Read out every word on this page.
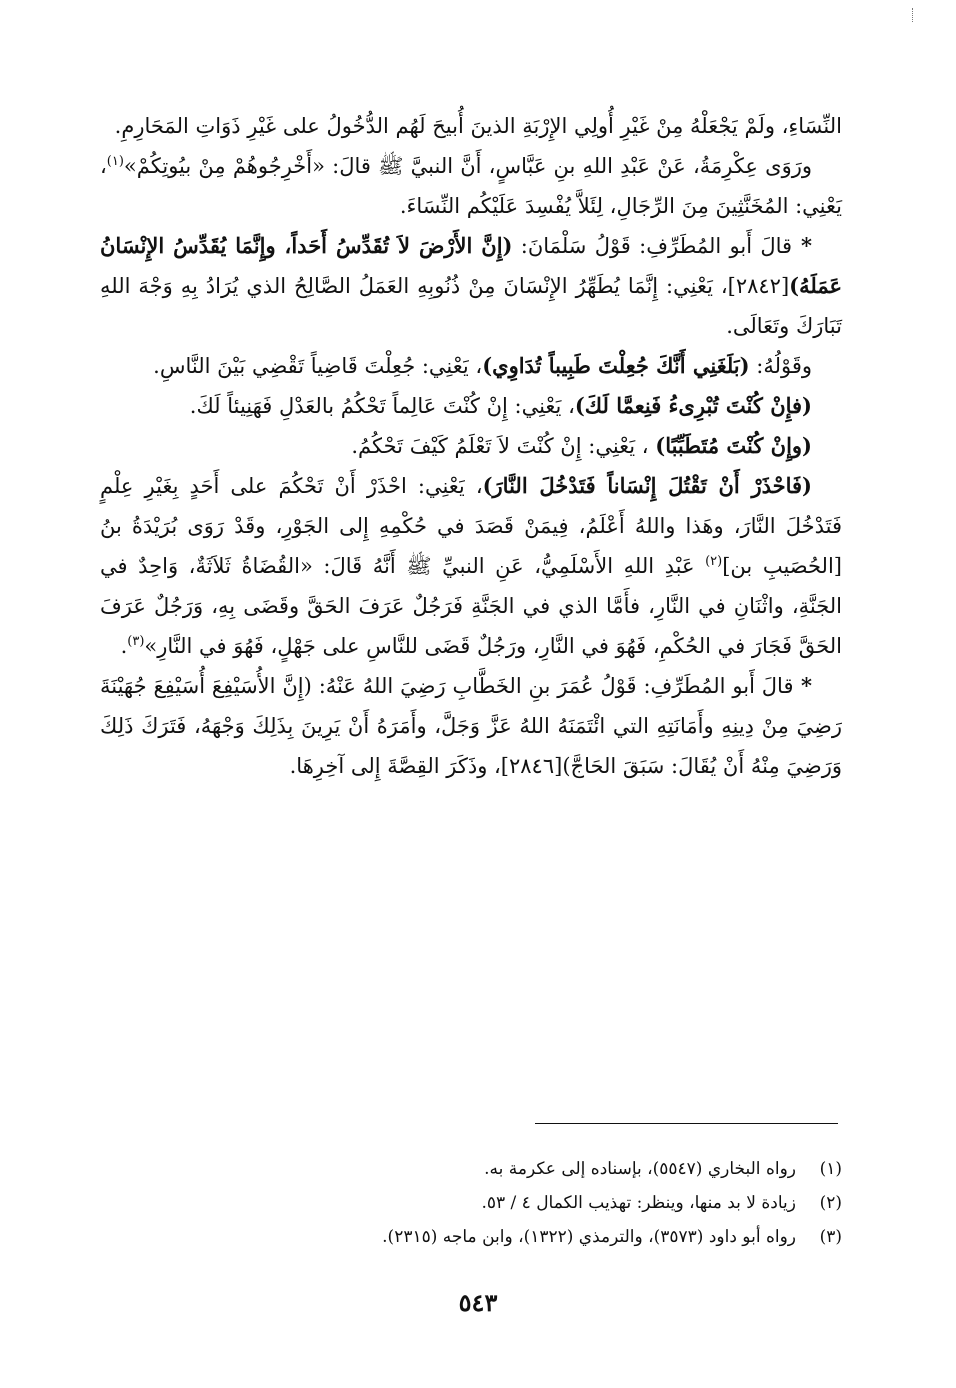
النِّسَاءِ، ولَمْ يَجْعَلْهُ مِنْ غَيْرِ أُولِي الإِرْبَةِ الذينَ أُبيحَ لَهُم الدُّخُولُ على غَيْرِ ذَوَاتِ المَحَارِمِ.

ورَوَى عِكْرِمَةُ، عَنْ عَبْدِ اللهِ بنِ عَبَّاسٍ، أَنَّ النبيَّ ﷺ قالَ: «أَخْرِجُوهُمْ مِنْ بيُوتِكُمْ»$^{(١)}$، يَعْنِي: المُخَنَّثِينَ مِنَ الرِّجَالِ، لِئَلاَّ يُفْسِدَ عَلَيْكُم النِّسَاءَ.

* قالَ أَبو المُطَرِّفِ: قَوْلُ سَلْمَانَ: (إِنَّ الأَرْضَ لاَ تُقَدِّسُ أَحَداً، وإِنَّمَا يُقَدِّسُ الإِنْسَانُ عَمَلَهُ)[٢٨٤٢]، يَعْنِي: إِنَّمَا يُطَهِّرُ الإِنْسَانَ مِنْ ذُنُوبِهِ العَمَلُ الصَّالِحُ الذي يُرَادُ بِهِ وَجْهَ اللهِ تَبَارَكَ وتَعَالَى.

وقَوْلُهُ: (بَلَغَنِي أَنَّكَ جُعِلْتَ طَبِيباً تُدَاوِي)، يَعْنِي: جُعِلْتَ قَاضِياً تَقْضِي بَيْنَ النَّاسِ.

(فإِنْ كُنْتَ تُبْرِىءُ فَنِعمَّا لَكَ)، يَعْنِي: إِنْ كُنْتَ عَالِماً تَحْكُمُ بالعَدْلِ فَهَنِيئاً لَكَ.

(وإِنْ كُنْتَ مُتَطَبِّبًا) ، يَعْنِي: إِنْ كُنْتَ لاَ تَعْلَمُ كَيْفَ تَحْكُمُ.

(فَاحْذَرْ أَنْ تَقْتُلَ إِنْسَاناً فَتَدْخُلَ النَّارَ)، يَعْنِي: احْذَرْ أَنْ تَحْكُمَ على أَحَدٍ بِغَيْرِ عِلْمٍ فَتَدْخُلَ النَّارَ، وهَذا واللهُ أَعْلَمُ، فِيمَنْ قَصَدَ في حُكْمِهِ إِلى الجَوْرِ، وقَدْ رَوَى بُرَيْدَةُ بنُ [الحُصَيبِ بن]$^{(٢)}$ عَبْدِ اللهِ الأَسْلَمِيُّ، عَنِ النبيِّ ﷺ أَنَّهُ قَالَ: «القُضَاةُ ثَلاَثَةٌ، وَاحِدٌ في الجَنَّةِ، واثْنَانِ في النَّارِ، فأَمَّا الذي في الجَنَّةِ فَرَجُلٌ عَرَفَ الحَقَّ وقَضَى بِهِ، وَرَجُلٌ عَرَفَ الحَقَّ فَجَارَ في الحُكْمِ، فَهُوَ في النَّارِ، ورَجُلٌ قَضَى للنَّاسِ على جَهْلٍ، فَهُوَ في النَّارِ»$^{(٣)}$.

* قالَ أَبو المُطَرِّفِ: قَوْلُ عُمَرَ بنِ الخَطَّابِ رَضِيَ اللهُ عَنْهُ: (إِنَّ الأُسَيْفِعَ أُسَيْفِعَ جُهَيْنَةَ رَضِيَ مِنْ دِينِهِ وأَمَانَتِهِ التي ائْتَمَنَهُ اللهُ عَزَّ وَجَلَّ، وأَمَرَهُ أَنْ يَرِينَ بِذَلِكَ وَجْهَهُ، فَتَرَكَ ذَلِكَ وَرَضِيَ مِنْهُ أَنْ يُقَالَ: سَبَقَ الحَاجَّ)[٢٨٤٦]، وذَكَرَ القِصَّةَ إِلى آخِرِهَا.

(١)
رواه البخاري (٥٥٤٧)، بإسناده إلى عكرمة به.
(٢)
زيادة لا بد منها، وينظر: تهذيب الكمال ٤ / ٥٣.
(٣)
رواه أبو داود (٣٥٧٣)، والترمذي (١٣٢٢)، وابن ماجه (٢٣١٥).
٥٤٣
